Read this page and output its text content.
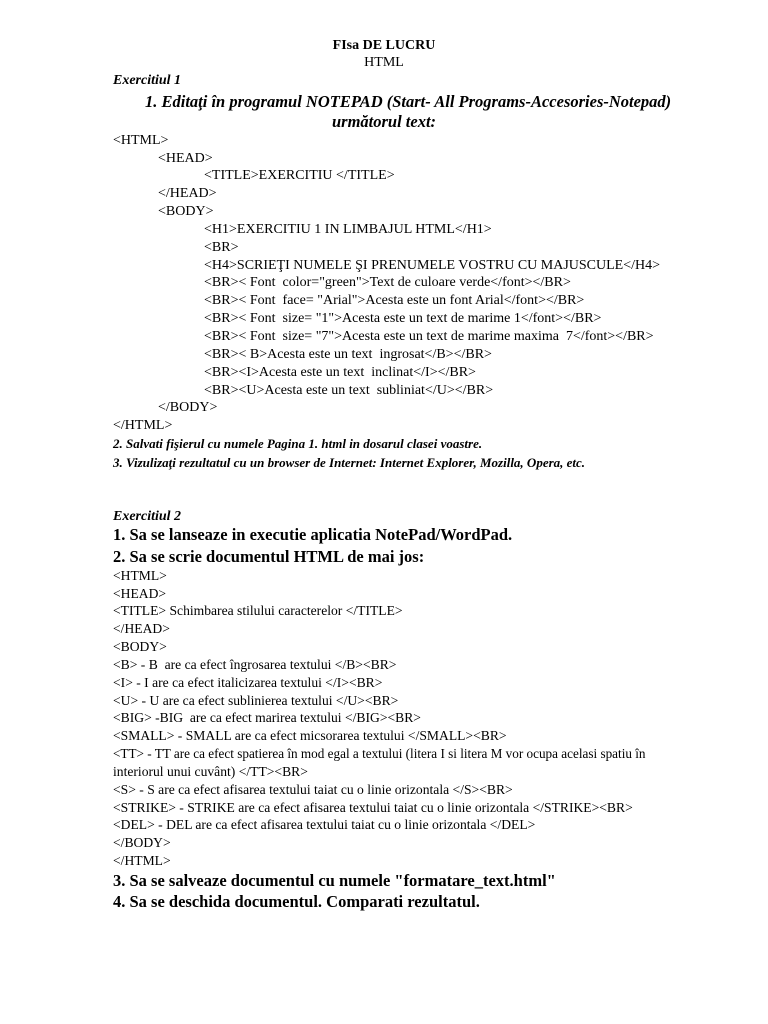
FIsa DE LUCRU
HTML
Exercitiul 1
1. Editaţi în programul NOTEPAD (Start- All Programs-Accesories-Notepad)
următorul text:
<HTML>
<HEAD>
<TITLE>EXERCITIU </TITLE>
</HEAD>
<BODY>
<H1>EXERCITIU 1 IN LIMBAJUL HTML</H1>
<BR>
<H4>SCRIEŢI NUMELE ŞI PRENUMELE VOSTRU CU MAJUSCULE</H4>
<BR>< Font  color="green">Text de culoare verde</font></BR>
<BR>< Font  face= "Arial">Acesta este un font Arial</font></BR>
<BR>< Font  size= "1">Acesta este un text de marime 1</font></BR>
<BR>< Font  size= "7">Acesta este un text de marime maxima  7</font></BR>
<BR>< B>Acesta este un text  ingrosat</B></BR>
<BR><I>Acesta este un text  inclinat</I></BR>
<BR><U>Acesta este un text  subliniat</U></BR>
</BODY>
</HTML>
2. Salvati fişierul cu numele Pagina 1. html in dosarul clasei voastre.
3. Vizulizaţi rezultatul cu un browser de Internet: Internet Explorer, Mozilla, Opera, etc.
Exercitiul 2
1. Sa se lanseaze in executie aplicatia NotePad/WordPad.
2. Sa se scrie documentul HTML de mai jos:
<HTML>
<HEAD>
<TITLE> Schimbarea stilului caracterelor </TITLE>
</HEAD>
<BODY>
<B> - B  are ca efect îngrosarea textului </B><BR>
<I> - I are ca efect italicizarea textului </I><BR>
<U> - U are ca efect sublinierea textului </U><BR>
<BIG> -BIG  are ca efect marirea textului </BIG><BR>
<SMALL> - SMALL are ca efect micsorarea textului </SMALL><BR>
<TT> - TT are ca efect spatierea în mod egal a textului (litera I si litera M vor ocupa acelasi spatiu în
interiorul unui cuvânt) </TT><BR>
<S> - S are ca efect afisarea textului taiat cu o linie orizontala </S><BR>
<STRIKE> - STRIKE are ca efect afisarea textului taiat cu o linie orizontala </STRIKE><BR>
<DEL> - DEL are ca efect afisarea textului taiat cu o linie orizontala </DEL>
</BODY>
</HTML>
3. Sa se salveaze documentul cu numele "formatare_text.html"
4. Sa se deschida documentul. Comparati rezultatul.
